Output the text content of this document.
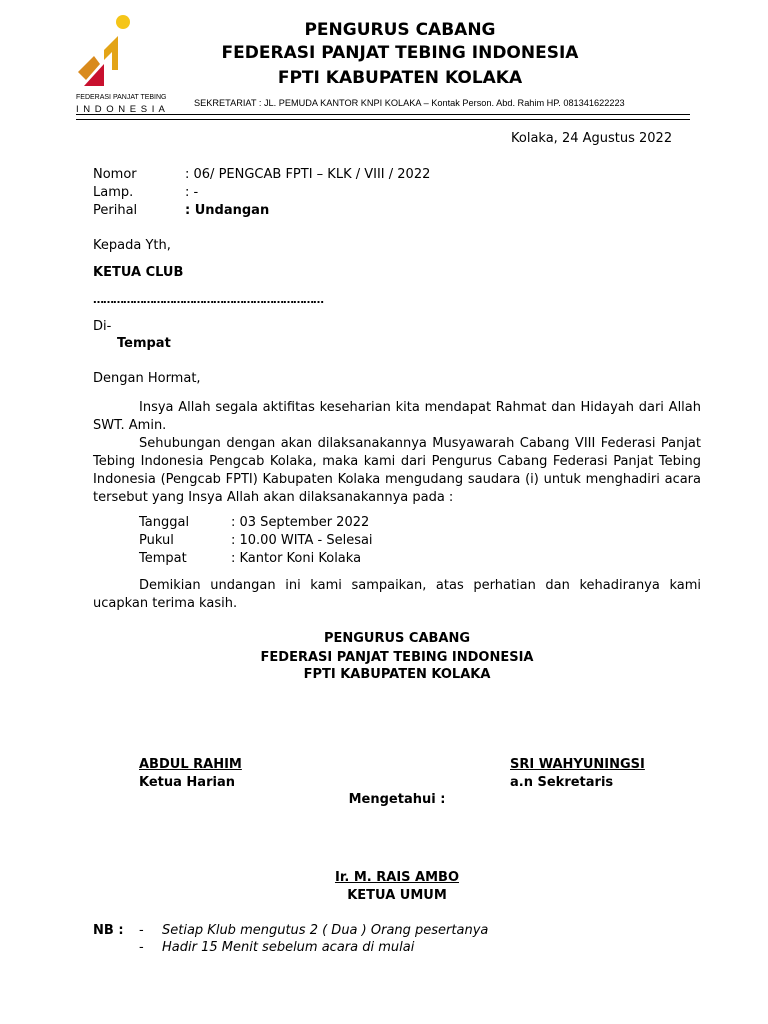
FEDERASI PANJAT TEBING
I N D O N E S I A
PENGURUS CABANG
FEDERASI PANJAT TEBING INDONESIA
FPTI KABUPATEN KOLAKA
SEKRETARIAT : JL. PEMUDA KANTOR KNPI KOLAKA – Kontak Person. Abd. Rahim HP. 081341622223
Kolaka, 24 Agustus 2022
Nomor	: 06/ PENGCAB FPTI – KLK / VIII / 2022
Lamp.	: -
Perihal	: Undangan
Kepada Yth,
KETUA CLUB
……………………………………………………………
Di-
Tempat
Dengan Hormat,

Insya Allah segala aktifitas keseharian kita mendapat Rahmat dan Hidayah dari Allah SWT. Amin.

Sehubungan dengan akan dilaksanakannya Musyawarah Cabang VIII Federasi Panjat Tebing Indonesia Pengcab Kolaka, maka kami dari Pengurus Cabang Federasi Panjat Tebing Indonesia (Pengcab FPTI) Kabupaten Kolaka mengudang saudara (i) untuk menghadiri acara tersebut yang Insya Allah akan dilaksanakannya pada :

Tanggal	: 03 September 2022
Pukul	: 10.00 WITA - Selesai
Tempat	: Kantor Koni Kolaka

Demikian undangan ini kami sampaikan, atas perhatian dan kehadiranya kami ucapkan terima kasih.

PENGURUS CABANG
FEDERASI PANJAT TEBING INDONESIA
FPTI KABUPATEN KOLAKA
ABDUL RAHIM
Ketua Harian
SRI WAHYUNINGSI
a.n Sekretaris
Mengetahui :
Ir. M. RAIS AMBO
KETUA UMUM
NB : - Setiap Klub mengutus 2 ( Dua ) Orang pesertanya
- Hadir 15 Menit sebelum acara di mulai
